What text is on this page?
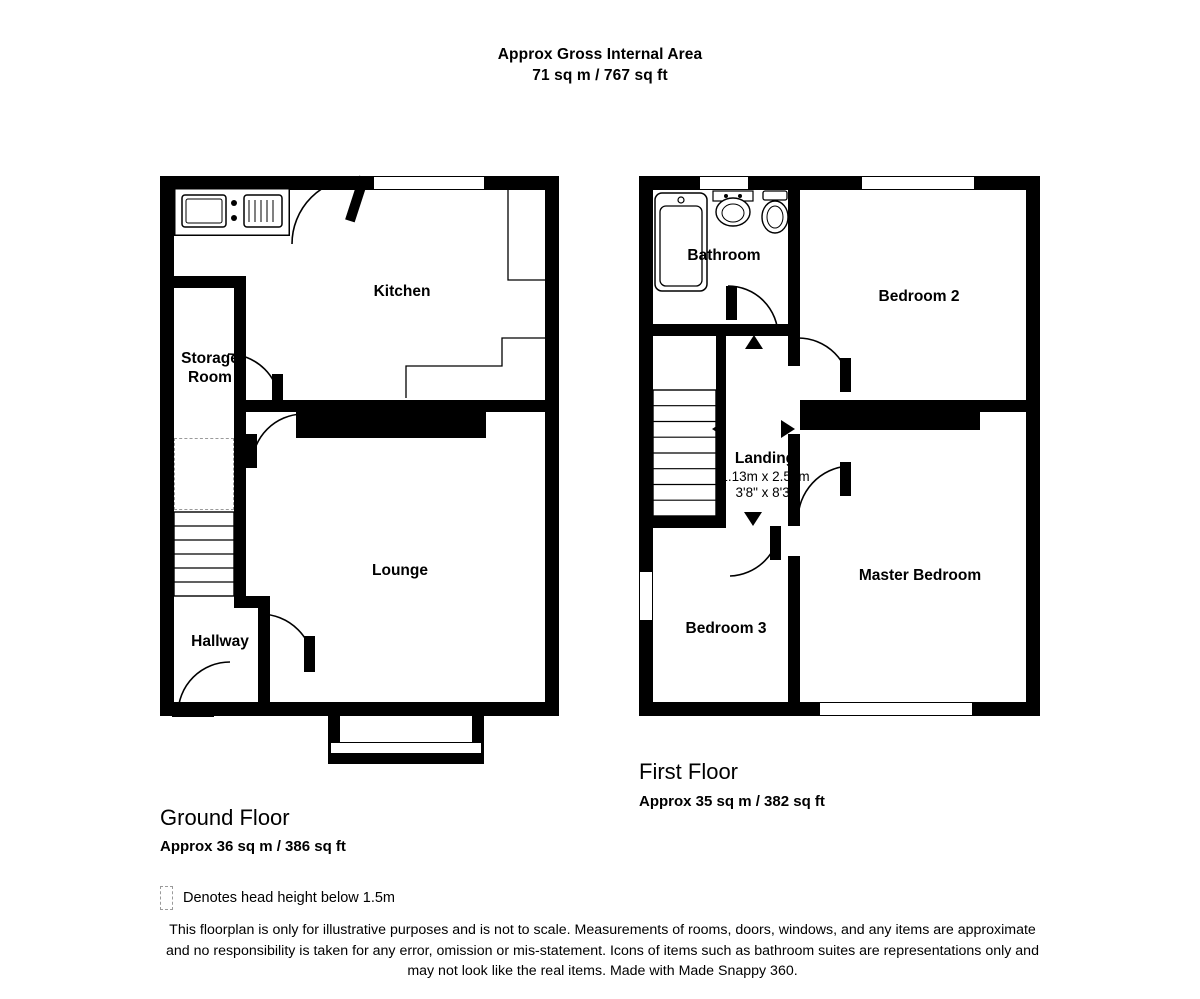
Approx Gross Internal Area
71 sq m / 767 sq ft
Kitchen
Storage
Room
Lounge
Hallway
Ground Floor
Approx 36 sq m / 386 sq ft
Bathroom
Bedroom 2
Master Bedroom
Bedroom 3
Landing
1.13m x 2.52m
3'8" x 8'3"
First Floor
Approx 35 sq m / 382 sq ft
Denotes head height below 1.5m
This floorplan is only for illustrative purposes and is not to scale. Measurements of rooms, doors, windows, and any items are approximate
and no responsibility is taken for any error, omission or mis-statement. Icons of items such as bathroom suites are representations only and
may not look like the real items. Made with Made Snappy 360.
